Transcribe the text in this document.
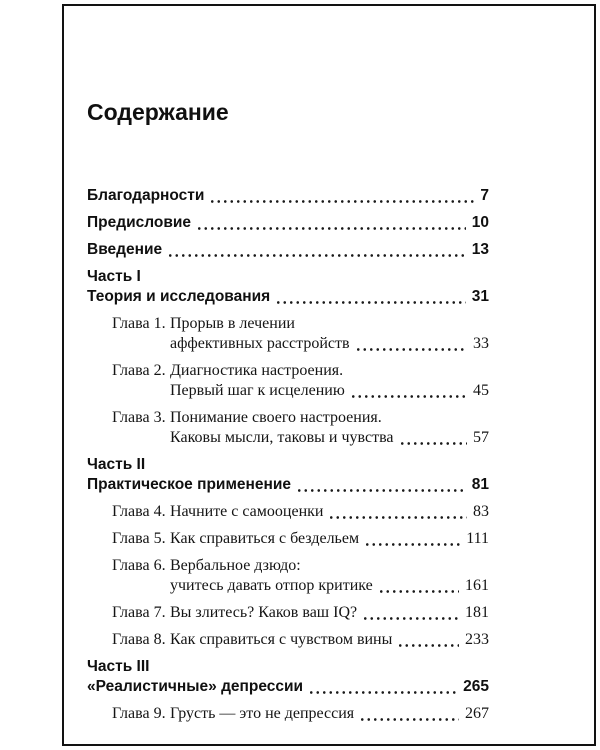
Содержание
Благодарности	7
Предисловие	10
Введение	13
Часть I
Теория и исследования	31
Глава 1. Прорыв в лечении
аффективных расстройств	33
Глава 2. Диагностика настроения.
Первый шаг к исцелению	45
Глава 3. Понимание своего настроения.
Каковы мысли, таковы и чувства	57
Часть II
Практическое применение	81
Глава 4. Начните с самооценки	83
Глава 5. Как справиться с бездельем	111
Глава 6. Вербальное дзюдо:
учитесь давать отпор критике	161
Глава 7. Вы злитесь? Каков ваш IQ?	181
Глава 8. Как справиться с чувством вины	233
Часть III
«Реалистичные» депрессии	265
Глава 9. Грусть — это не депрессия	267
